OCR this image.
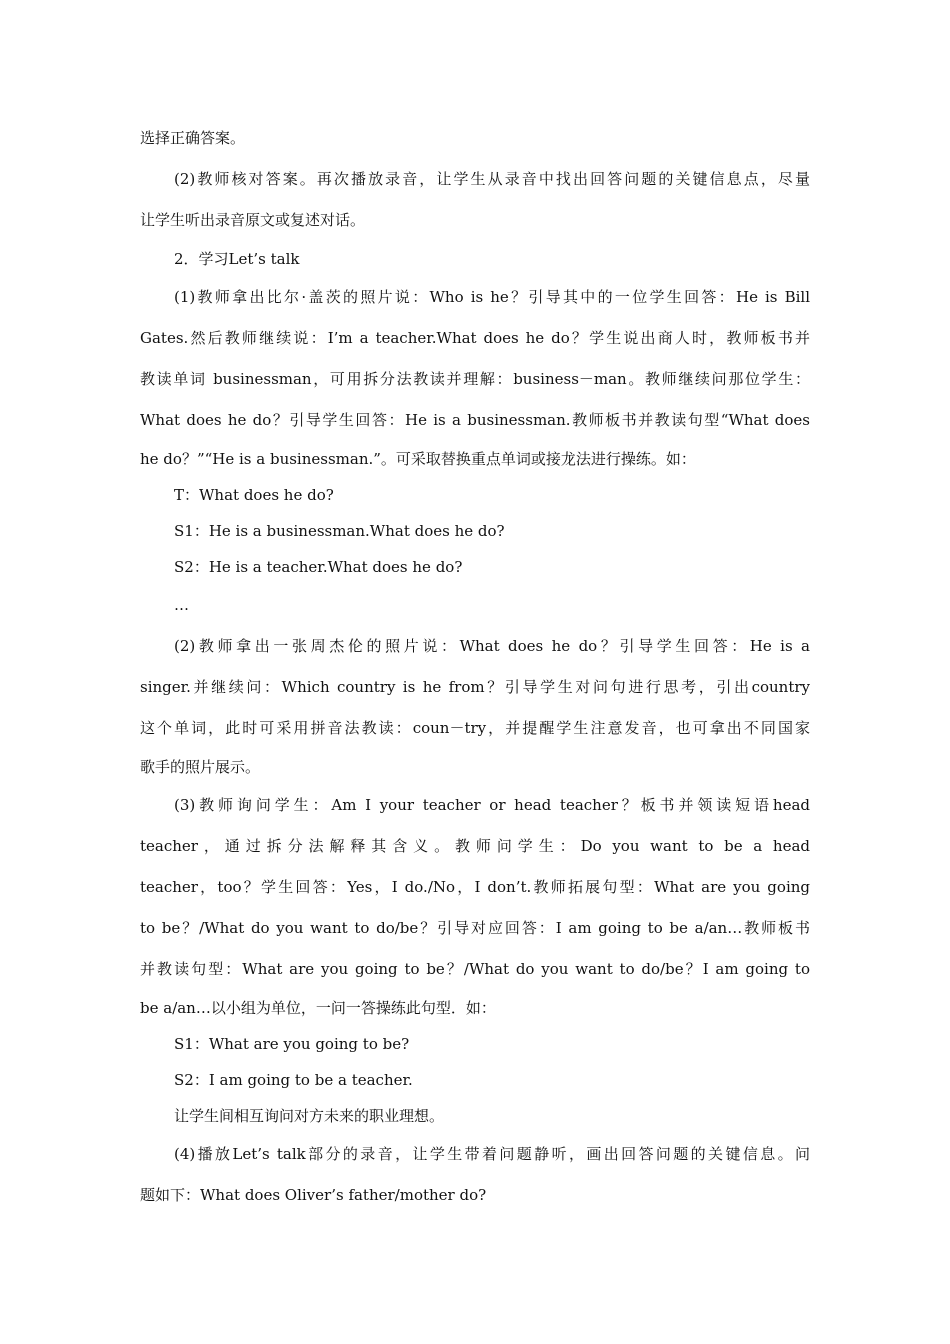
选择正确答案。
(2)教师核对答案。再次播放录音，让学生从录音中找出回答问题的关键信息点，尽量
让学生听出录音原文或复述对话。
2．学习Let’s talk
(1)教师拿出比尔·盖茨的照片说：Who is he？引导其中的一位学生回答：He is Bill
Gates.然后教师继续说：I’m a teacher.What does he do？学生说出商人时，教师板书并
教读单词 businessman，可用拆分法教读并理解：business－man。教师继续问那位学生：
What does he do？引导学生回答：He is a businessman.教师板书并教读句型“What does
he do？”“He is a businessman.”。可采取替换重点单词或接龙法进行操练。如：
T：What does he do?
S1：He is a businessman.What does he do?
S2：He is a teacher.What does he do?
…
(2)教师拿出一张周杰伦的照片说：What does he do？引导学生回答：He is a
singer.并继续问：Which country is he from？引导学生对问句进行思考，引出country
这个单词，此时可采用拼音法教读：coun－try，并提醒学生注意发音，也可拿出不同国家
歌手的照片展示。
(3)教师询问学生：Am I your teacher or head teacher？板书并领读短语head
teacher，通过拆分法解释其含义。教师问学生：Do you want to be a head
teacher，too？学生回答：Yes，I do./No，I don’t.教师拓展句型：What are you going
to be？/What do you want to do/be？引导对应回答：I am going to be a/an…教师板书
并教读句型：What are you going to be？/What do you want to do/be？I am going to
be a/an…以小组为单位，一问一答操练此句型．如：
S1：What are you going to be?
S2：I am going to be a teacher.
让学生间相互询问对方未来的职业理想。
(4)播放Let’s talk部分的录音，让学生带着问题静听，画出回答问题的关键信息。问
题如下：What does Oliver’s father/mother do?
